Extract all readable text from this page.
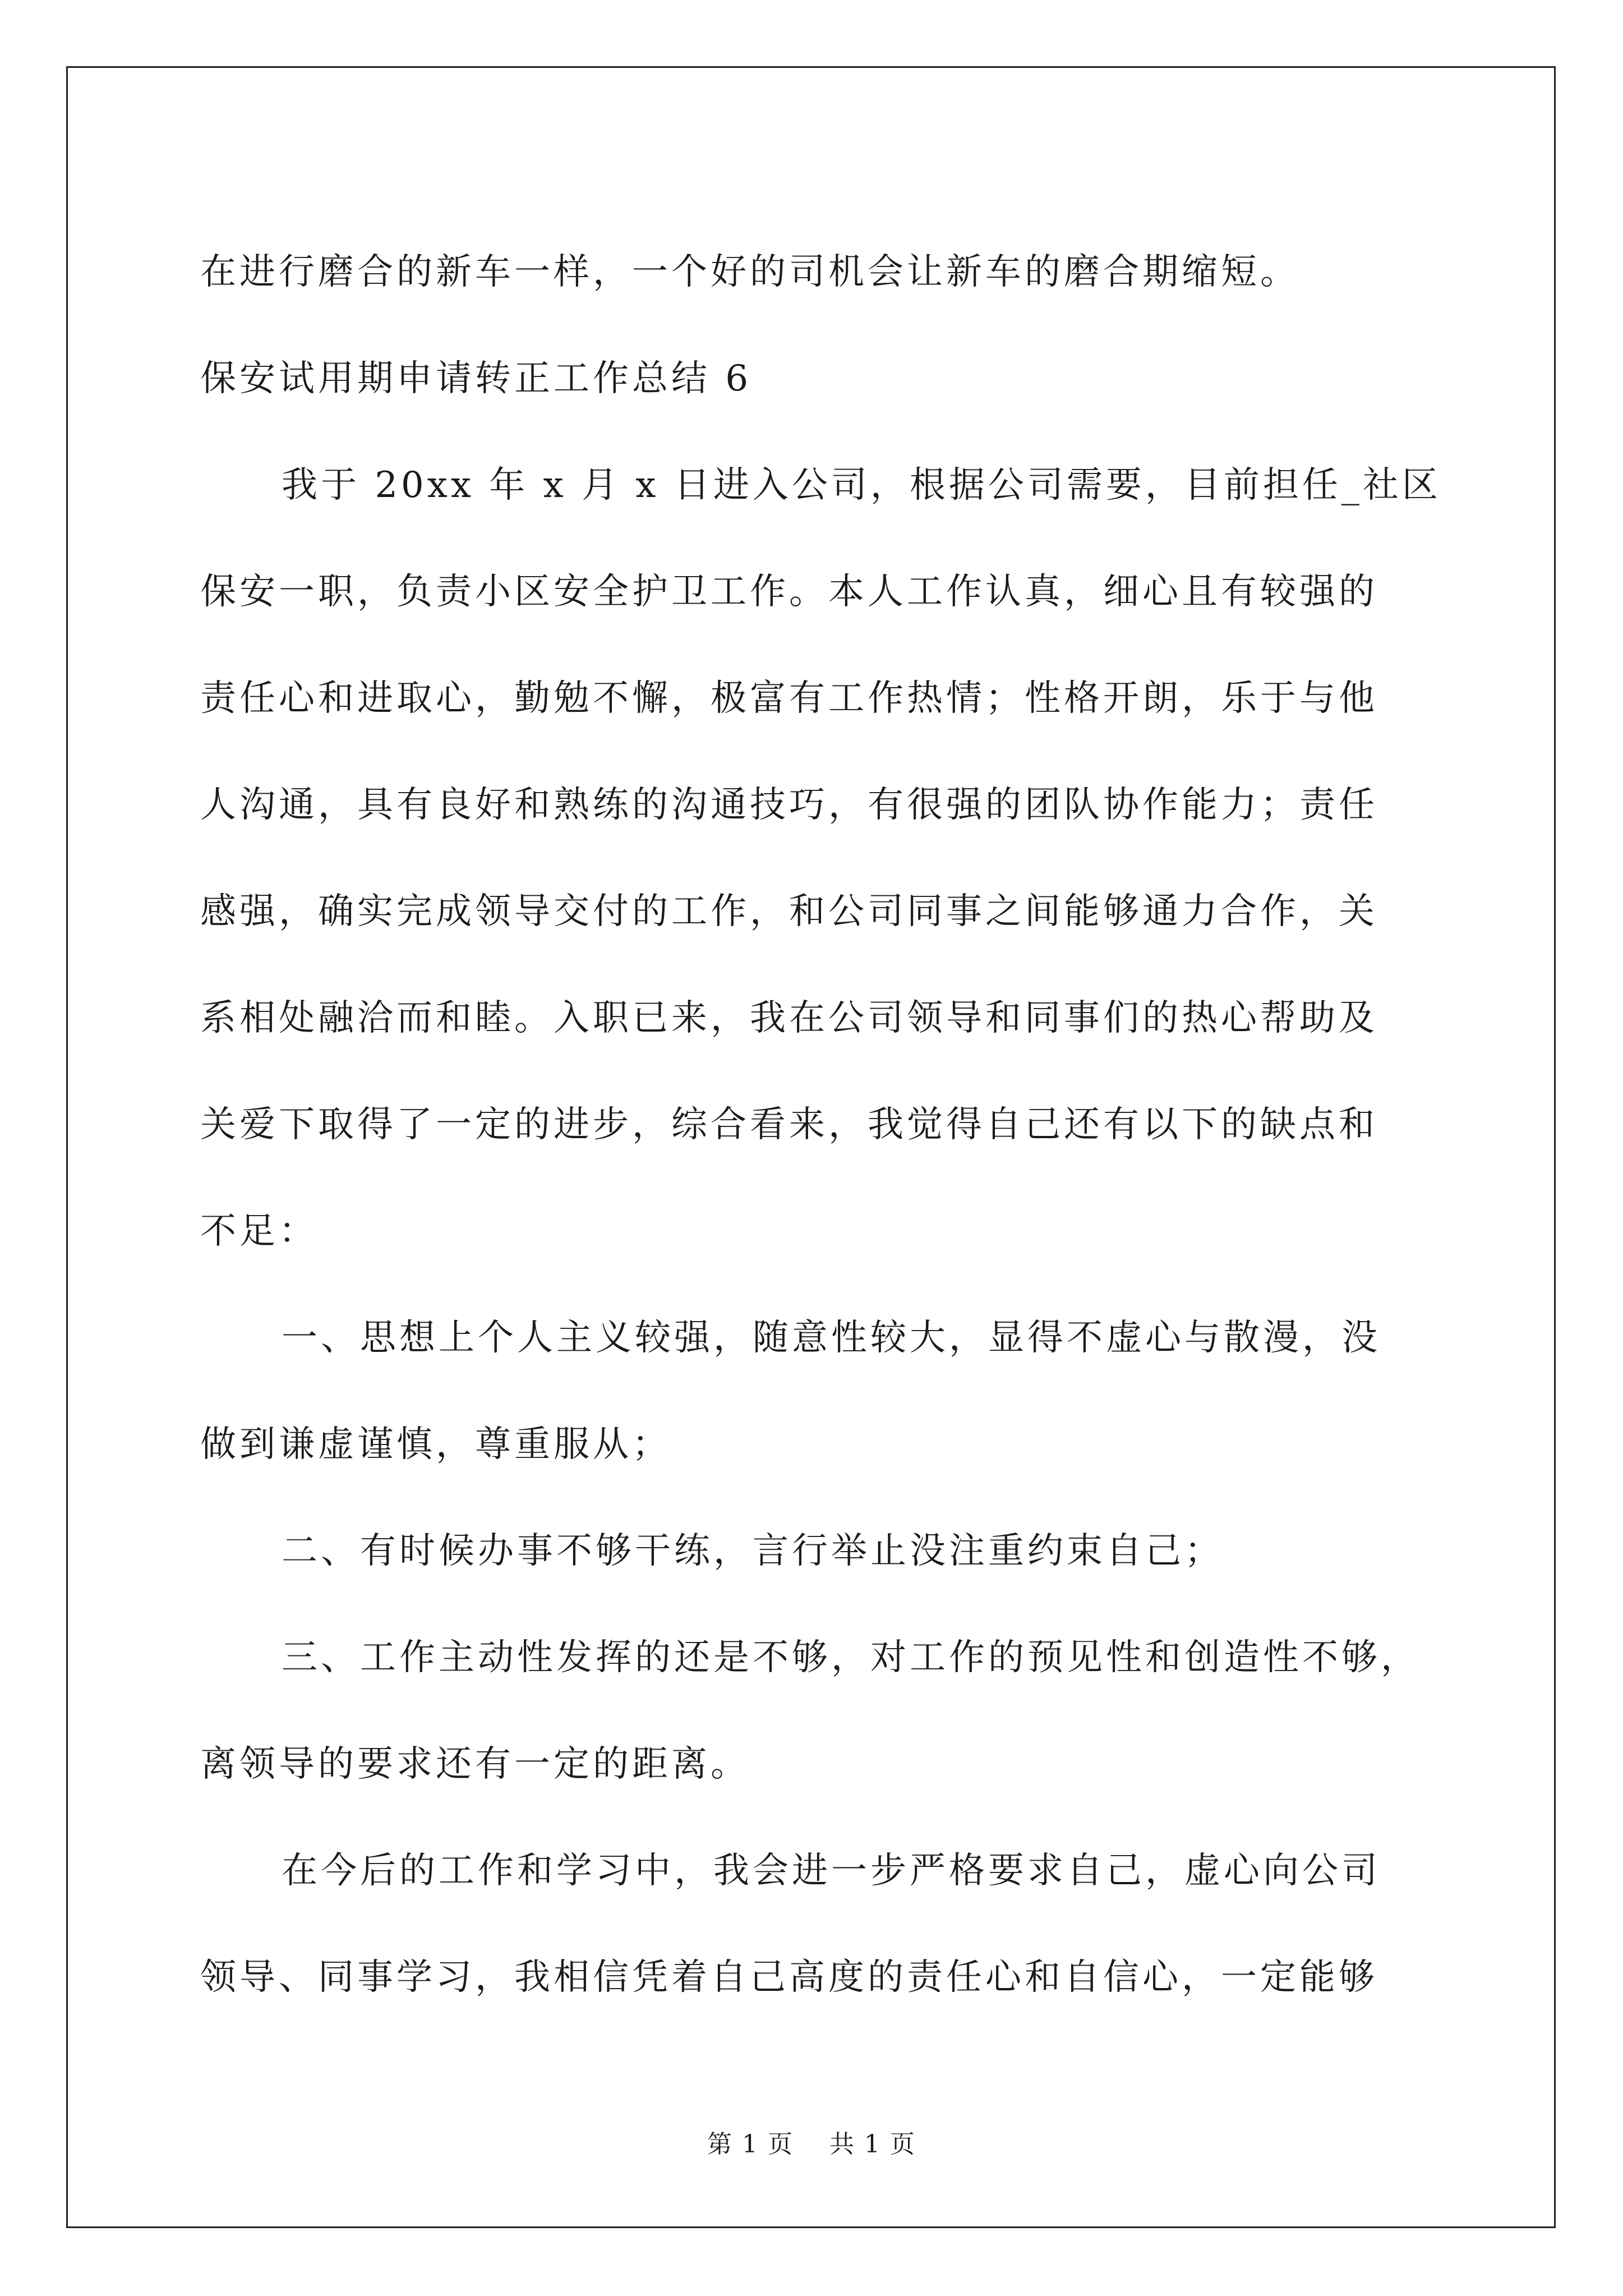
在进行磨合的新车一样，一个好的司机会让新车的磨合期缩短。
保安试用期申请转正工作总结 6
我于 20xx 年 x 月 x 日进入公司，根据公司需要，目前担任_社区
保安一职，负责小区安全护卫工作。本人工作认真，细心且有较强的
责任心和进取心，勤勉不懈，极富有工作热情；性格开朗，乐于与他
人沟通，具有良好和熟练的沟通技巧，有很强的团队协作能力；责任
感强，确实完成领导交付的工作，和公司同事之间能够通力合作，关
系相处融洽而和睦。入职已来，我在公司领导和同事们的热心帮助及
关爱下取得了一定的进步，综合看来，我觉得自己还有以下的缺点和
不足：
一、思想上个人主义较强，随意性较大，显得不虚心与散漫，没
做到谦虚谨慎，尊重服从；
二、有时候办事不够干练，言行举止没注重约束自己；
三、工作主动性发挥的还是不够，对工作的预见性和创造性不够，
离领导的要求还有一定的距离。
在今后的工作和学习中，我会进一步严格要求自己，虚心向公司
领导、同事学习，我相信凭着自己高度的责任心和自信心，一定能够
第 1 页    共 1 页
